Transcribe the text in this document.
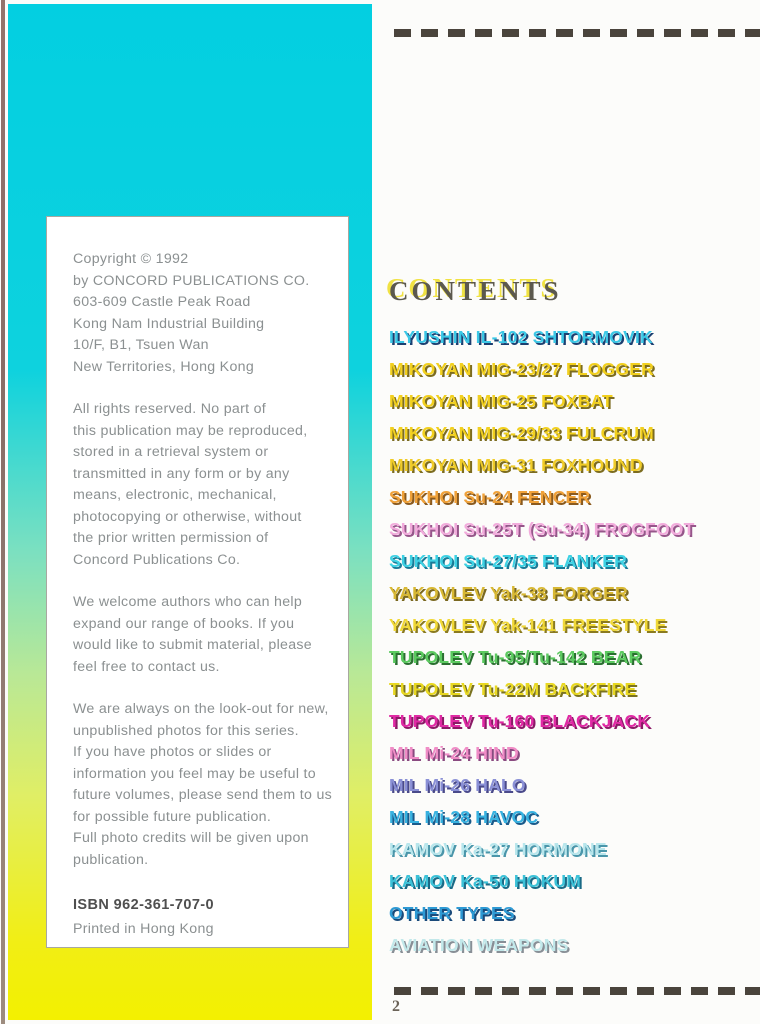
Copyright © 1992
by CONCORD PUBLICATIONS CO.
603-609 Castle Peak Road
Kong Nam Industrial Building
10/F, B1, Tsuen Wan
New Territories, Hong Kong
All rights reserved. No part of
this publication may be reproduced,
stored in a retrieval system or
transmitted in any form or by any
means, electronic, mechanical,
photocopying or otherwise, without
the prior written permission of
Concord Publications Co.
We welcome authors who can help
expand our range of books. If you
would like to submit material, please
feel free to contact us.
We are always on the look-out for new,
unpublished photos for this series.
If you have photos or slides or
information you feel may be useful to
future volumes, please send them to us
for possible future publication.
Full photo credits will be given upon
publication.
ISBN 962-361-707-0
Printed in Hong Kong
CONTENTS
ILYUSHIN IL-102 SHTORMOVIK
MIKOYAN MIG-23/27 FLOGGER
MIKOYAN MIG-25 FOXBAT
MIKOYAN MIG-29/33 FULCRUM
MIKOYAN MIG-31 FOXHOUND
SUKHOI Su-24 FENCER
SUKHOI Su-25T (Su-34) FROGFOOT
SUKHOI Su-27/35 FLANKER
YAKOVLEV Yak-38 FORGER
YAKOVLEV Yak-141 FREESTYLE
TUPOLEV Tu-95/Tu-142 BEAR
TUPOLEV Tu-22M BACKFIRE
TUPOLEV Tu-160 BLACKJACK
MIL Mi-24 HIND
MIL Mi-26 HALO
MIL Mi-28 HAVOC
KAMOV Ka-27 HORMONE
KAMOV Ka-50 HOKUM
OTHER TYPES
AVIATION WEAPONS
2
